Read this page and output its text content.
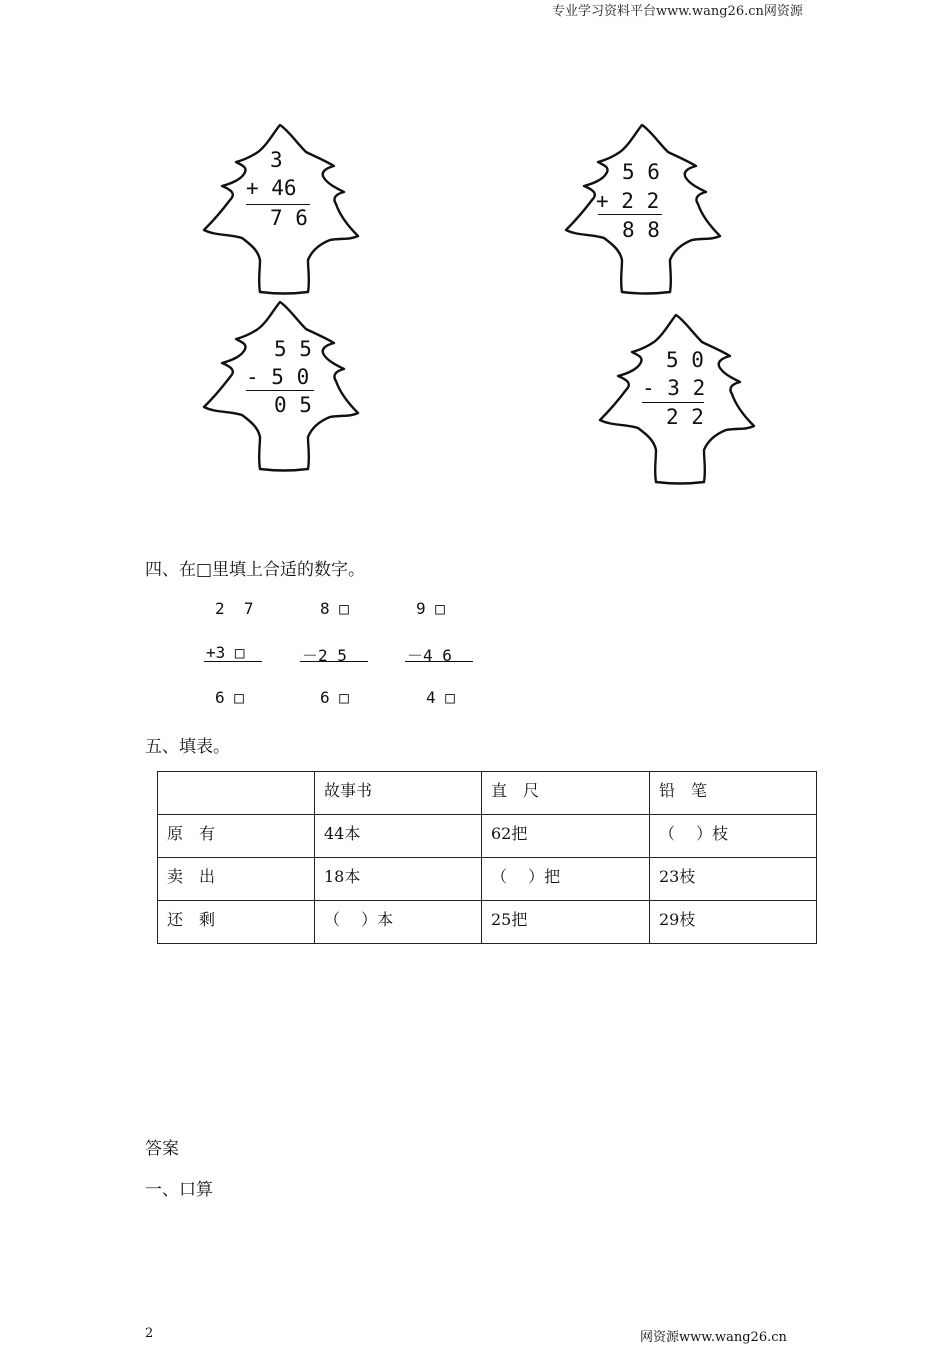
专业学习资料平台www.wang26.cn网资源
3
+ 46
7 6
5 6
+ 2 2
8 8
5 5
- 5 0
0 5
5 0
- 3 2
2 2
四、在□里填上合适的数字。
2  7	8 □	9 □
+3 □	－2 5	－4 6
6 □	6 □	4 □
五、填表。
	故事书	直　尺	铅　笔
原　有	44本	62把	（　 ）枝
卖　出	18本	（　 ）把	23枝
还　剩	（　 ）本	25把	29枝
答案
一、口算
2	网资源www.wang26.cn
